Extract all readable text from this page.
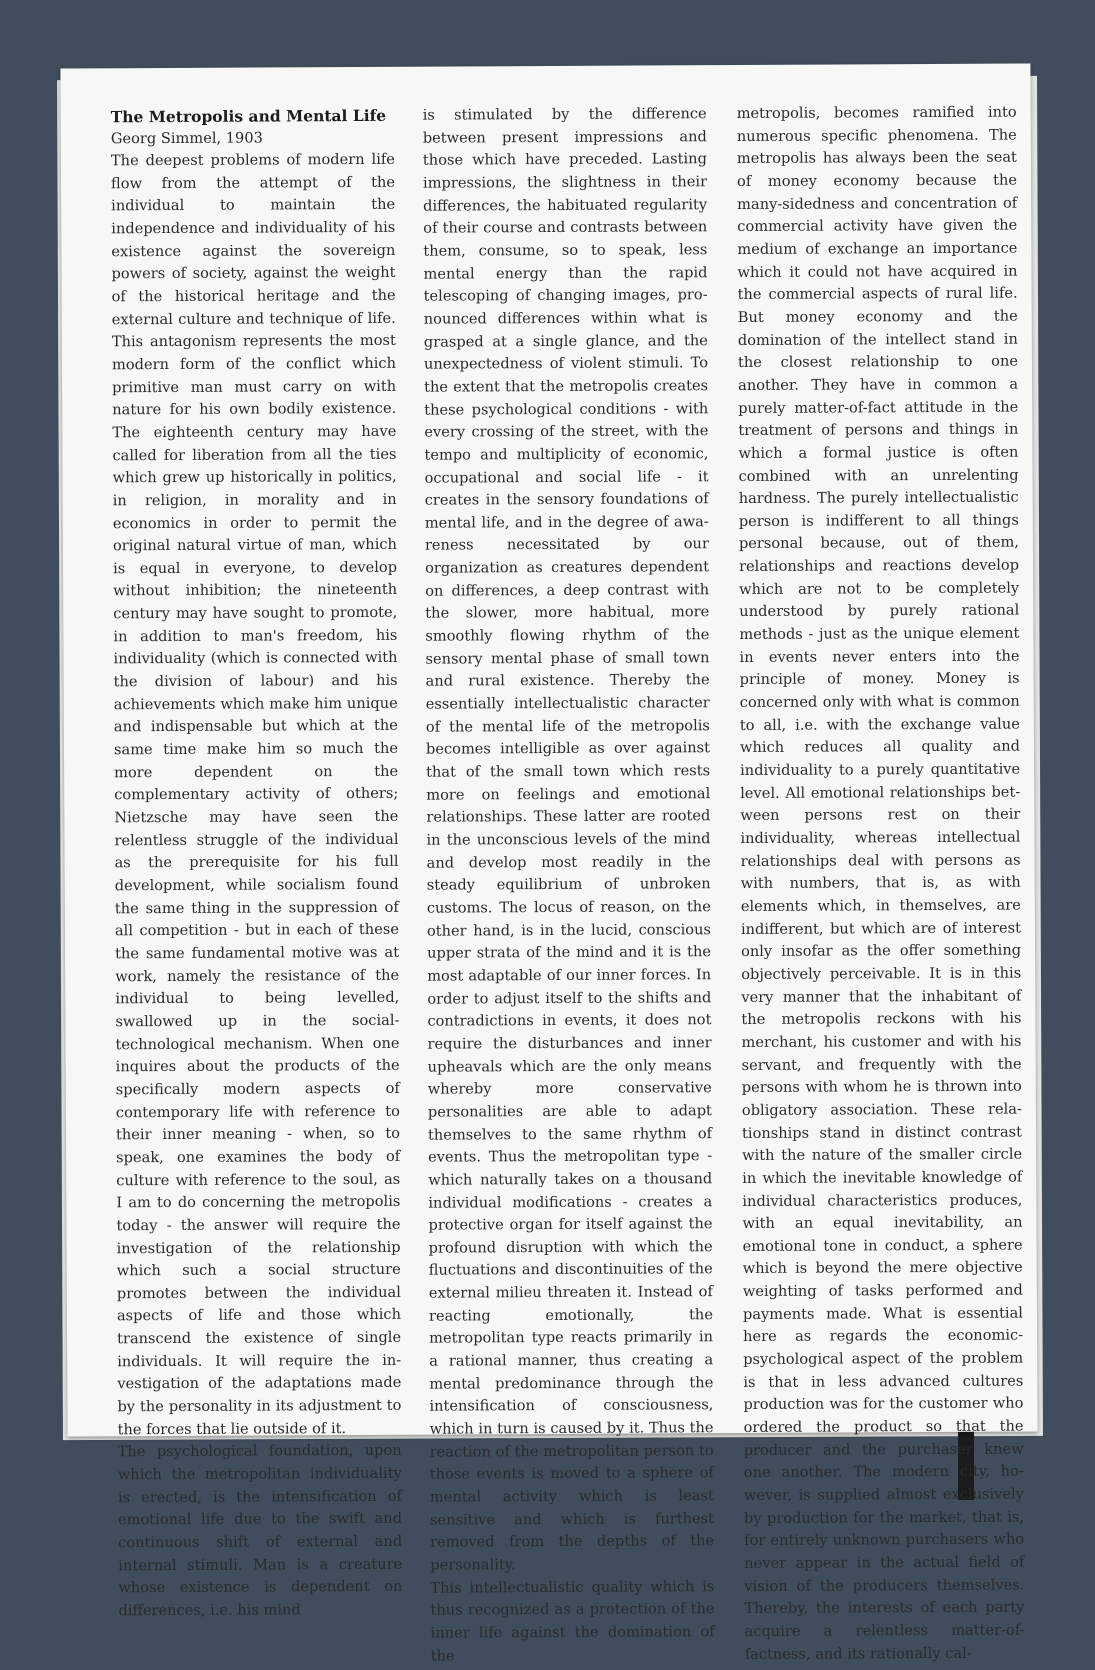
The Metropolis and Mental Life

Georg Simmel, 1903

The deepest problems of modern life flow from the attempt of the individual to maintain the independence and individuality of his existence against the sovereign powers of society, against the weight of the historical heritage and the external culture and technique of life. This antagonism represents the most modern form of the conflict which primitive man must carry on with nature for his own bodily existence. The eighteenth century may have called for liberation from all the ties which grew up historically in politics, in religion, in morality and in economics in order to permit the original natural virtue of man, which is equal in everyone, to develop without inhibition; the nineteenth century may have sought to promote, in addition to man's freedom, his individuality (which is connected with the division of labour) and his achievements which make him unique and indispensable but which at the same time make him so much the more dependent on the complementary activity of others; Nietzsche may have seen the relentless struggle of the individual as the prerequisite for his full development, while socialism found the same thing in the suppression of all competition - but in each of these the same fundamental motive was at work, namely the resistance of the individual to being levelled, swallowed up in the social-technological mechanism. When one inquires about the products of the specifically modern aspects of contemporary life with reference to their inner meaning - when, so to speak, one examines the body of culture with reference to the soul, as I am to do concerning the metropolis today - the answer will require the investigation of the relationship which such a social structure promotes between the individual aspects of life and those which transcend the existence of single individuals. It will require the investigation of the adaptations made by the personality in its adjustment to the forces that lie outside of it.

The psychological foundation, upon which the metropolitan individuality is erected, is the intensification of emotional life due to the swift and continuous shift of external and internal stimuli. Man is a creature whose existence is dependent on differences, i.e. his mind

is stimulated by the difference between present impressions and those which have preceded. Lasting impressions, the slightness in their differences, the habituated regularity of their course and contrasts between them, consume, so to speak, less mental energy than the rapid telescoping of changing images, pronounced differences within what is grasped at a single glance, and the unexpectedness of violent stimuli. To the extent that the metropolis creates these psychological conditions - with every crossing of the street, with the tempo and multiplicity of economic, occupational and social life - it creates in the sensory foundations of mental life, and in the degree of awareness necessitated by our organization as creatures dependent on differences, a deep contrast with the slower, more habitual, more smoothly flowing rhythm of the sensory mental phase of small town and rural existence. Thereby the essentially intellectualistic character of the mental life of the metropolis becomes intelligible as over against that of the small town which rests more on feelings and emotional relationships. These latter are rooted in the unconscious levels of the mind and develop most readily in the steady equilibrium of unbroken customs. The locus of reason, on the other hand, is in the lucid, conscious upper strata of the mind and it is the most adaptable of our inner forces. In order to adjust itself to the shifts and contradictions in events, it does not require the disturbances and inner upheavals which are the only means whereby more conservative personalities are able to adapt themselves to the same rhythm of events. Thus the metropolitan type - which naturally takes on a thousand individual modifications - creates a protective organ for itself against the profound disruption with which the fluctuations and discontinuities of the external milieu threaten it. Instead of reacting emotionally, the metropolitan type reacts primarily in a rational manner, thus creating a mental predominance through the intensification of consciousness, which in turn is caused by it. Thus the reaction of the metropolitan person to those events is moved to a sphere of mental activity which is least sensitive and which is furthest removed from the depths of the personality.

This intellectualistic quality which is thus recognized as a protection of the inner life against the domination of the

metropolis, becomes ramified into numerous specific phenomena. The metropolis has always been the seat of money economy because the many-sidedness and concentration of commercial activity have given the medium of exchange an importance which it could not have acquired in the commercial aspects of rural life. But money economy and the domination of the intellect stand in the closest relationship to one another. They have in common a purely matter-of-fact attitude in the treatment of persons and things in which a formal justice is often combined with an unrelenting hardness. The purely intellectualistic person is indifferent to all things personal because, out of them, relationships and reactions develop which are not to be completely understood by purely rational methods - just as the unique element in events never enters into the principle of money. Money is concerned only with what is common to all, i.e. with the exchange value which reduces all quality and individuality to a purely quantitative level. All emotional relationships between persons rest on their individuality, whereas intellectual relationships deal with persons as with numbers, that is, as with elements which, in themselves, are indifferent, but which are of interest only insofar as the offer something objectively perceivable. It is in this very manner that the inhabitant of the metropolis reckons with his merchant, his customer and with his servant, and frequently with the persons with whom he is thrown into obligatory association. These relationships stand in distinct contrast with the nature of the smaller circle in which the inevitable knowledge of individual characteristics produces, with an equal inevitability, an emotional tone in conduct, a sphere which is beyond the mere objective weighting of tasks performed and payments made. What is essential here as regards the economic-psychological aspect of the problem is that in less advanced cultures production was for the customer who ordered the product so that the producer and the purchaser knew one another. The modern city, however, is supplied almost exclusively by production for the market, that is, for entirely unknown purchasers who never appear in the actual field of vision of the producers themselves. Thereby, the interests of each party acquire a relentless matter-of-factness, and its rationally cal-
